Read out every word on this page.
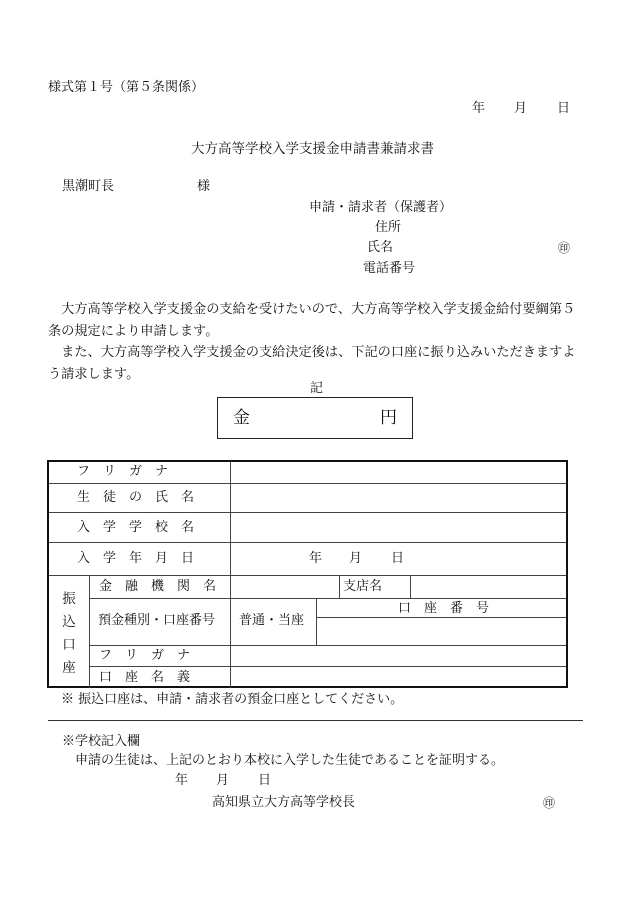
様式第１号（第５条関係）
年 月 日
大方高等学校入学支援金申請書兼請求書
黒潮町長	様
申請・請求者（保護者）
住所
氏名	㊞
電話番号

　大方高等学校入学支援金の支給を受けたいので、大方高等学校入学支援金給付要綱第５条の規定により申請します。

　また、大方高等学校入学支援金の支給決定後は、下記の口座に振り込みいただきますよう請求します。

記
金	円
フ　リ　ガ　ナ
生　徒　の　氏　名
入　学　学　校　名
入　学　年　月　日	年 月 日
振
込
口
座
金　融　機　関　名	支店名
預金種別・口座番号 普通・当座
口　座　番　号
フ　リ　ガ　ナ
口　座　名　義
※ 振込口座は、申請・請求者の預金口座としてください。
※学校記入欄
申請の生徒は、上記のとおり本校に入学した生徒であることを証明する。
年 月 日
高知県立大方高等学校長	㊞
